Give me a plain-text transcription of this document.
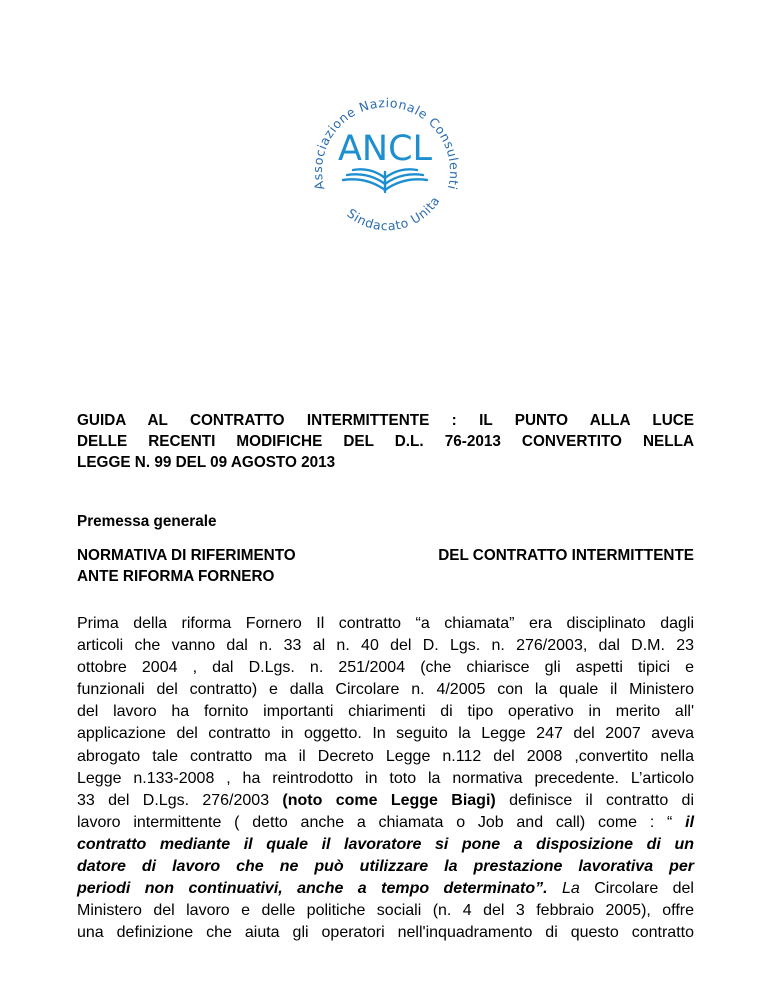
Associazione Nazionale Consulenti
Sindacato Unita
ANCL
GUIDA AL CONTRATTO INTERMITTENTE : IL PUNTO ALLA LUCE
DELLE RECENTI MODIFICHE DEL D.L. 76-2013 CONVERTITO NELLA
LEGGE N. 99 DEL 09 AGOSTO 2013
Premessa generale
NORMATIVA DI RIFERIMENTO	DEL CONTRATTO INTERMITTENTE
ANTE RIFORMA FORNERO
Prima della riforma Fornero Il contratto “a chiamata” era disciplinato dagli
articoli che vanno dal n. 33 al n. 40 del D. Lgs. n. 276/2003, dal D.M. 23
ottobre 2004 , dal D.Lgs. n. 251/2004 (che chiarisce gli aspetti tipici e
funzionali del contratto) e dalla Circolare n. 4/2005 con la quale il Ministero
del lavoro ha fornito importanti chiarimenti di tipo operativo in merito all'
applicazione del contratto in oggetto. In seguito la Legge 247 del 2007 aveva
abrogato tale contratto ma il Decreto Legge n.112 del 2008 ,convertito nella
Legge n.133-2008 , ha reintrodotto in toto la normativa precedente. L’articolo
33 del D.Lgs. 276/2003 (noto come Legge Biagi) definisce il contratto di
lavoro intermittente ( detto anche a chiamata o Job and call) come : “ il
contratto mediante il quale il lavoratore si pone a disposizione di un
datore di lavoro che ne può utilizzare la prestazione lavorativa per
periodi non continuativi, anche a tempo determinato”. La Circolare del
Ministero del lavoro e delle politiche sociali (n. 4 del 3 febbraio 2005), offre
una definizione che aiuta gli operatori nell'inquadramento di questo contratto
